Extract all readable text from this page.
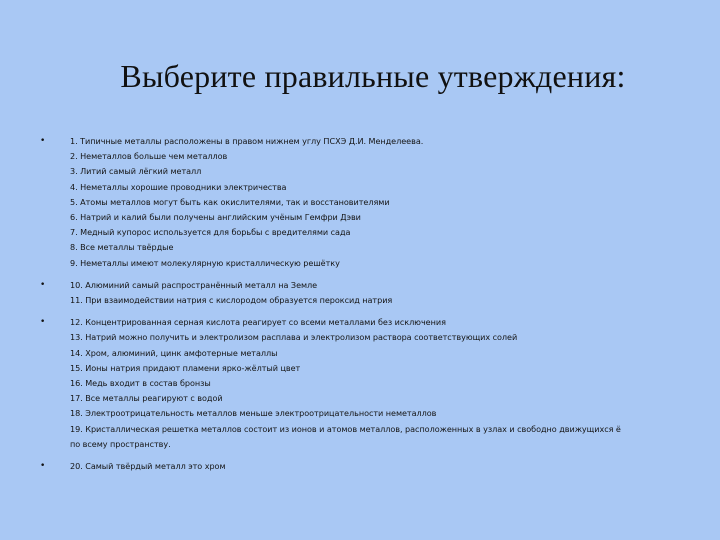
Выберите правильные утверждения:
•	1. Типичные металлы расположены в правом нижнем углу ПСХЭ Д.И. Менделеева.
2. Неметаллов больше чем металлов
3. Литий самый лёгкий металл
4. Неметаллы хорошие проводники электричества
5. Атомы металлов могут быть как окислителями, так и восстановителями
6. Натрий и калий были получены английским учёным Гемфри Дэви
7. Медный купорос используется для борьбы с вредителями сада
8. Все металлы твёрдые
9. Неметаллы имеют молекулярную кристаллическую решётку
•	10. Алюминий самый распространённый металл на Земле
11. При взаимодействии натрия с кислородом образуется пероксид натрия
•	12. Концентрированная серная кислота реагирует со всеми металлами без исключения
13. Натрий можно получить и электролизом расплава и электролизом раствора соответствующих солей
14. Хром, алюминий, цинк амфотерные металлы
15. Ионы натрия придают пламени ярко-жёлтый цвет
16. Медь входит в состав бронзы
17. Все металлы реагируют с водой
18. Электроотрицательность металлов меньше электроотрицательности неметаллов
19. Кристаллическая решетка металлов состоит из ионов и атомов металлов, расположенных в узлах и свободно движущихся ё
по всему пространству.
•	20. Самый твёрдый металл это хром
